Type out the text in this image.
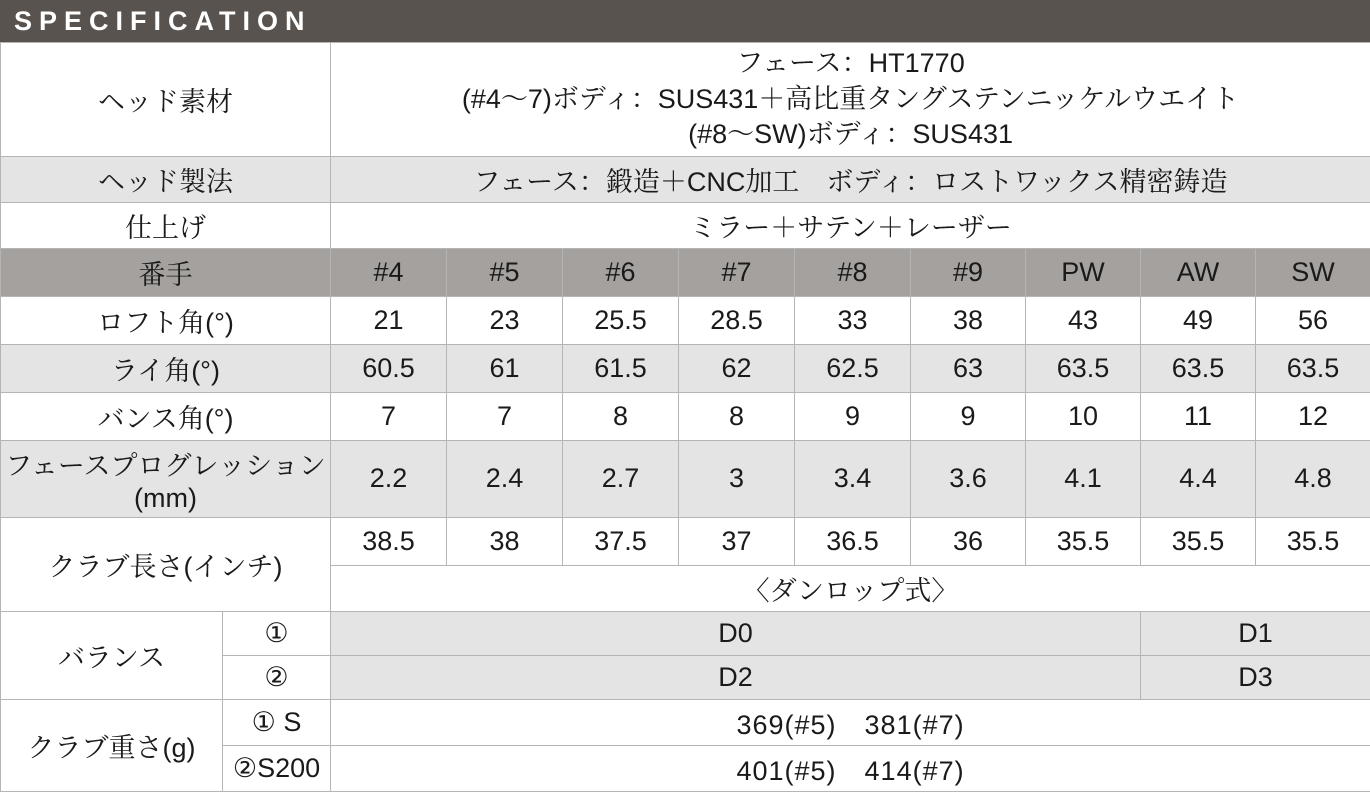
SPECIFICATION
ヘッド素材		フェース：HT1770
(#4〜7)ボディ：SUS431＋高比重タングステンニッケルウエイト
(#8〜SW)ボディ：SUS431								

ヘッド製法		フェース：鍛造＋CNC加工　ボディ：ロストワックス精密鋳造								
仕上げ		ミラー＋サテン＋レーザー								
番手		#4	#5	#6	#7	#8	#9	PW	AW	SW
ロフト角(°)		21	23	25.5	28.5	33	38	43	49	56
ライ角(°)		60.5	61	61.5	62	62.5	63	63.5	63.5	63.5
バンス角(°)		7	7	8	8	9	9	10	11	12
フェースプログレッション(mm)		2.2	2.4	2.7	3	3.4	3.6	4.1	4.4	4.8
クラブ長さ(インチ)		38.5	38	37.5	37	36.5	36	35.5	35.5	35.5
		〈ダンロップ式〉								
バランス	①	D0							D1	
	②	D2							D3	
クラブ重さ(g)	① S	369(#5)　381(#7)								
	②S200	401(#5)　414(#7)								
